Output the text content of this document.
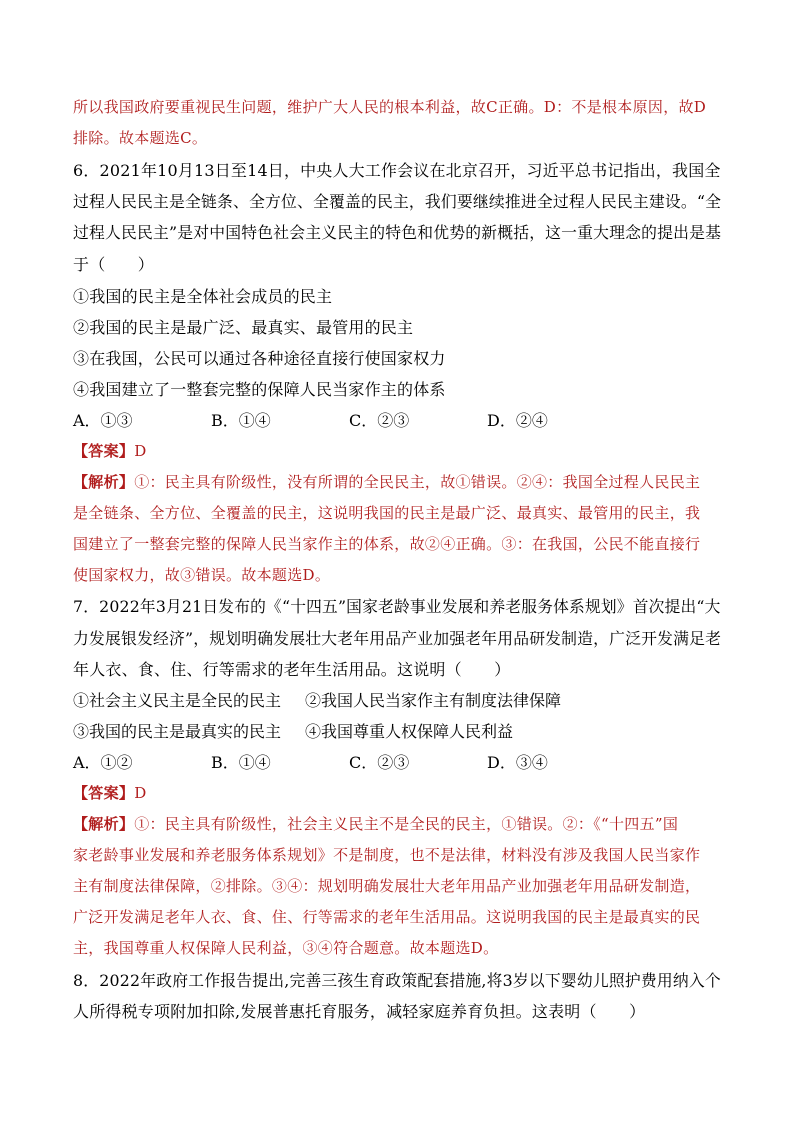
所以我国政府要重视民生问题，维护广大人民的根本利益，故C正确。D：不是根本原因，故D
排除。故本题选C。
6．2021年10月13日至14日，中央人大工作会议在北京召开，习近平总书记指出，我国全
过程人民民主是全链条、全方位、全覆盖的民主，我们要继续推进全过程人民民主建设。“全
过程人民民主”是对中国特色社会主义民主的特色和优势的新概括，这一重大理念的提出是基
于（　　）
①我国的民主是全体社会成员的民主
②我国的民主是最广泛、最真实、最管用的民主
③在我国，公民可以通过各种途径直接行使国家权力
④我国建立了一整套完整的保障人民当家作主的体系
A．①③	B．①④	C．②③	D．②④
【答案】D
【解析】①：民主具有阶级性，没有所谓的全民民主，故①错误。②④：我国全过程人民民主
是全链条、全方位、全覆盖的民主，这说明我国的民主是最广泛、最真实、最管用的民主，我
国建立了一整套完整的保障人民当家作主的体系，故②④正确。③：在我国，公民不能直接行
使国家权力，故③错误。故本题选D。
7．2022年3月21日发布的《“十四五”国家老龄事业发展和养老服务体系规划》首次提出“大
力发展银发经济”，规划明确发展壮大老年用品产业加强老年用品研发制造，广泛开发满足老
年人衣、食、住、行等需求的老年生活用品。这说明（　　）
①社会主义民主是全民的民主 ②我国人民当家作主有制度法律保障
③我国的民主是最真实的民主 ④我国尊重人权保障人民利益
A．①②	B．①④	C．②③	D．③④
【答案】D
【解析】①：民主具有阶级性，社会主义民主不是全民的民主，①错误。②：《“十四五”国
家老龄事业发展和养老服务体系规划》不是制度，也不是法律，材料没有涉及我国人民当家作
主有制度法律保障，②排除。③④：规划明确发展壮大老年用品产业加强老年用品研发制造，
广泛开发满足老年人衣、食、住、行等需求的老年生活用品。这说明我国的民主是最真实的民
主，我国尊重人权保障人民利益，③④符合题意。故本题选D。
8．2022年政府工作报告提出,完善三孩生育政策配套措施,将3岁以下婴幼儿照护费用纳入个
人所得税专项附加扣除,发展普惠托育服务，减轻家庭养育负担。这表明（　　）
